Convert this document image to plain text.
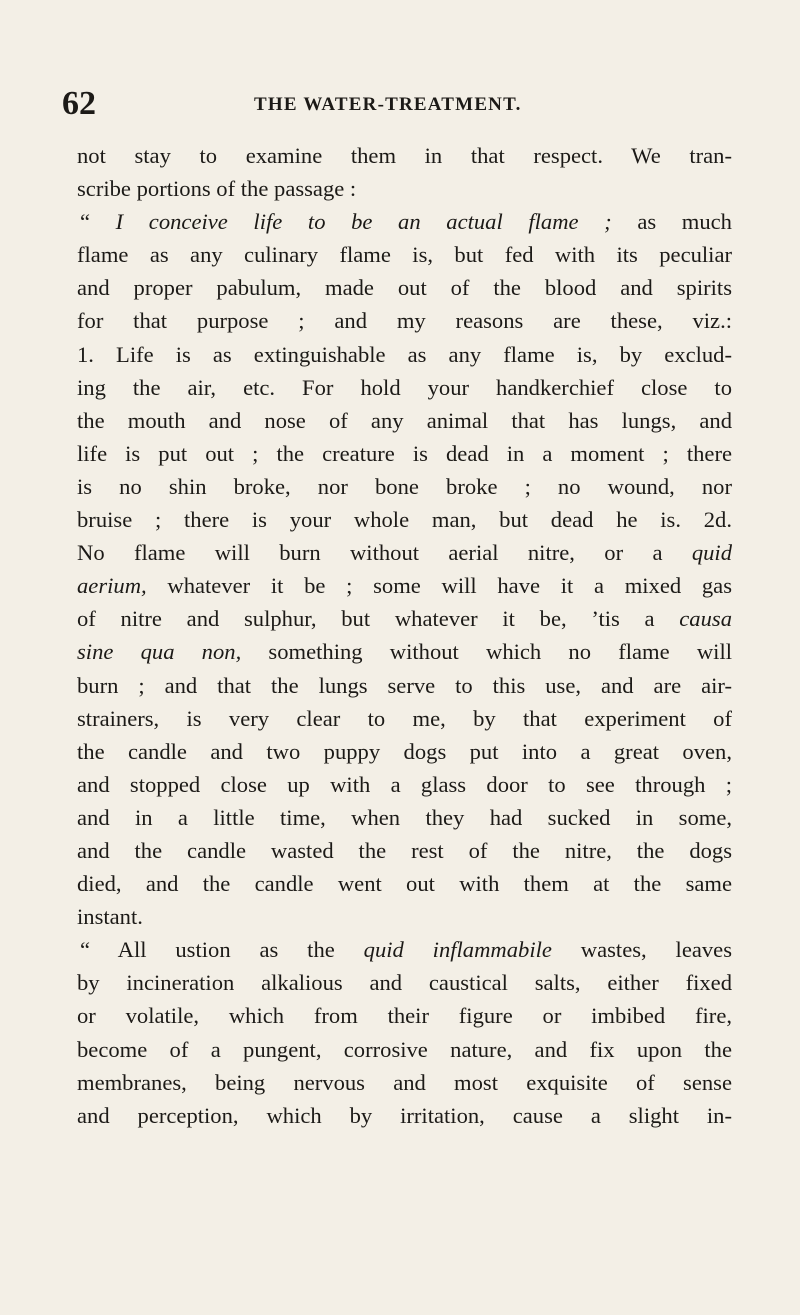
62	THE WATER-TREATMENT.
not stay to examine them in that respect. We tran-
scribe portions of the passage :
“ I conceive life to be an actual flame ; as much
flame as any culinary flame is, but fed with its peculiar
and proper pabulum, made out of the blood and spirits
for that purpose ; and my reasons are these, viz.:
1. Life is as extinguishable as any flame is, by exclud-
ing the air, etc. For hold your handkerchief close to
the mouth and nose of any animal that has lungs, and
life is put out ; the creature is dead in a moment ; there
is no shin broke, nor bone broke ; no wound, nor
bruise ; there is your whole man, but dead he is. 2d.
No flame will burn without aerial nitre, or a quid
aerium, whatever it be ; some will have it a mixed gas
of nitre and sulphur, but whatever it be, ’tis a causa
sine qua non, something without which no flame will
burn ; and that the lungs serve to this use, and are air-
strainers, is very clear to me, by that experiment of
the candle and two puppy dogs put into a great oven,
and stopped close up with a glass door to see through ;
and in a little time, when they had sucked in some,
and the candle wasted the rest of the nitre, the dogs
died, and the candle went out with them at the same
instant.
“ All ustion as the quid inflammabile wastes, leaves
by incineration alkalious and caustical salts, either fixed
or volatile, which from their figure or imbibed fire,
become of a pungent, corrosive nature, and fix upon the
membranes, being nervous and most exquisite of sense
and perception, which by irritation, cause a slight in-
